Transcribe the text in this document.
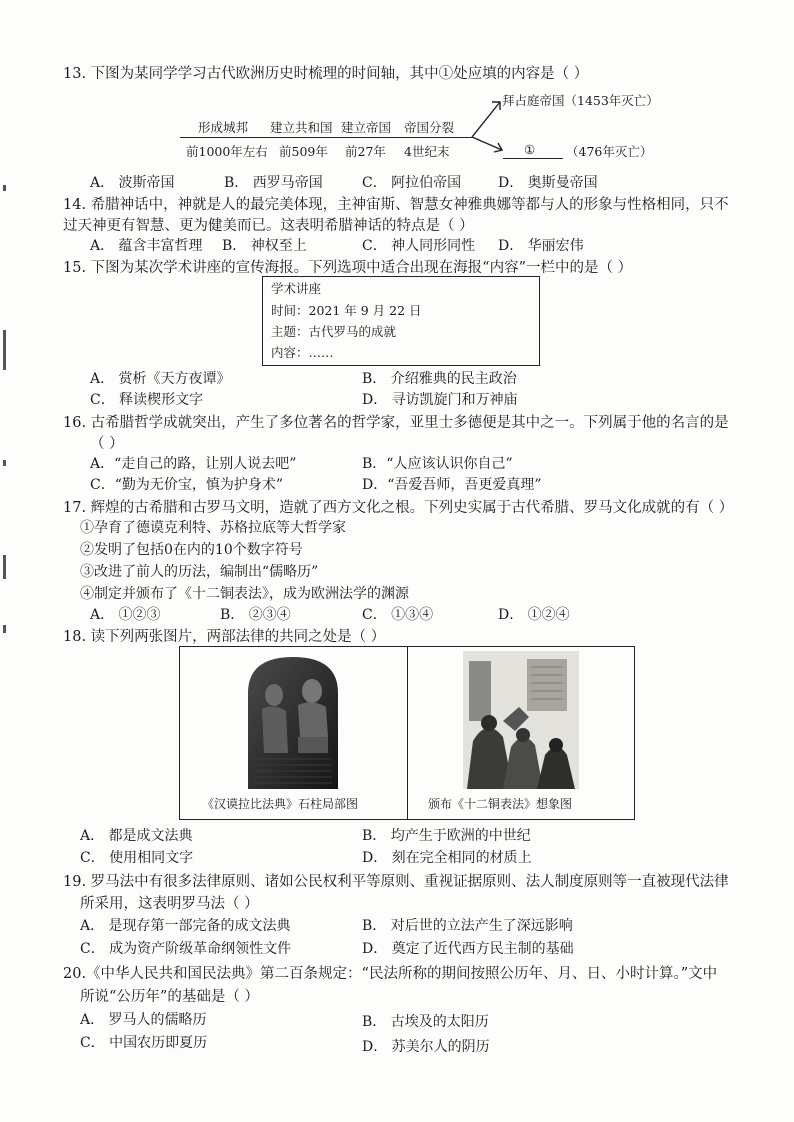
13. 下图为某同学学习古代欧洲历史时梳理的时间轴，其中①处应填的内容是（ ）
形成城邦 建立共和国 建立帝国 帝国分裂
前1000年左右 前509年 前27年 4世纪末
拜占庭帝国（1453年灭亡）
① （476年灭亡）
A． 波斯帝国	B． 西罗马帝国	C． 阿拉伯帝国	D． 奥斯曼帝国
14. 希腊神话中，神就是人的最完美体现，主神宙斯、智慧女神雅典娜等都与人的形象与性格相同，只不
过天神更有智慧、更为健美而已。这表明希腊神话的特点是（ ）
A． 蕴含丰富哲理 B． 神权至上	C． 神人同形同性 D． 华丽宏伟
15. 下图为某次学术讲座的宣传海报。下列选项中适合出现在海报“内容”一栏中的是（ ）
学术讲座
时间：2021 年 9 月 22 日
主题：古代罗马的成就
内容：……
A． 赏析《天方夜谭》	B． 介绍雅典的民主政治
C． 释读楔形文字	D． 寻访凯旋门和万神庙
16. 古希腊哲学成就突出，产生了多位著名的哲学家，亚里士多德便是其中之一。下列属于他的名言的是
（ ）
A．“走自己的路，让别人说去吧”	B．“人应该认识你自己”
C．“勤为无价宝，慎为护身术”	D．“吾爱吾师，吾更爱真理”
17. 辉煌的古希腊和古罗马文明，造就了西方文化之根。下列史实属于古代希腊、罗马文化成就的有（ ）
①孕育了德谟克利特、苏格拉底等大哲学家
②发明了包括0在内的10个数字符号
③改进了前人的历法，编制出“儒略历”
④制定并颁布了《十二铜表法》，成为欧洲法学的渊源
A． ①②③	B． ②③④	C． ①③④	D． ①②④
18. 读下列两张图片，两部法律的共同之处是（ ）
《汉谟拉比法典》石柱局部图	颁布《十二铜表法》想象图
A． 都是成文法典	B． 均产生于欧洲的中世纪
C． 使用相同文字	D． 刻在完全相同的材质上
19. 罗马法中有很多法律原则、诸如公民权利平等原则、重视证据原则、法人制度原则等一直被现代法律
所采用，这表明罗马法（ ）
A． 是现存第一部完备的成文法典	B． 对后世的立法产生了深远影响
C． 成为资产阶级革命纲领性文件	D． 奠定了近代西方民主制的基础
20.《中华人民共和国民法典》第二百条规定：“民法所称的期间按照公历年、月、日、小时计算。”文中
所说“公历年”的基础是（ ）
A． 罗马人的儒略历	B． 古埃及的太阳历
C． 中国农历即夏历	D． 苏美尔人的阴历
